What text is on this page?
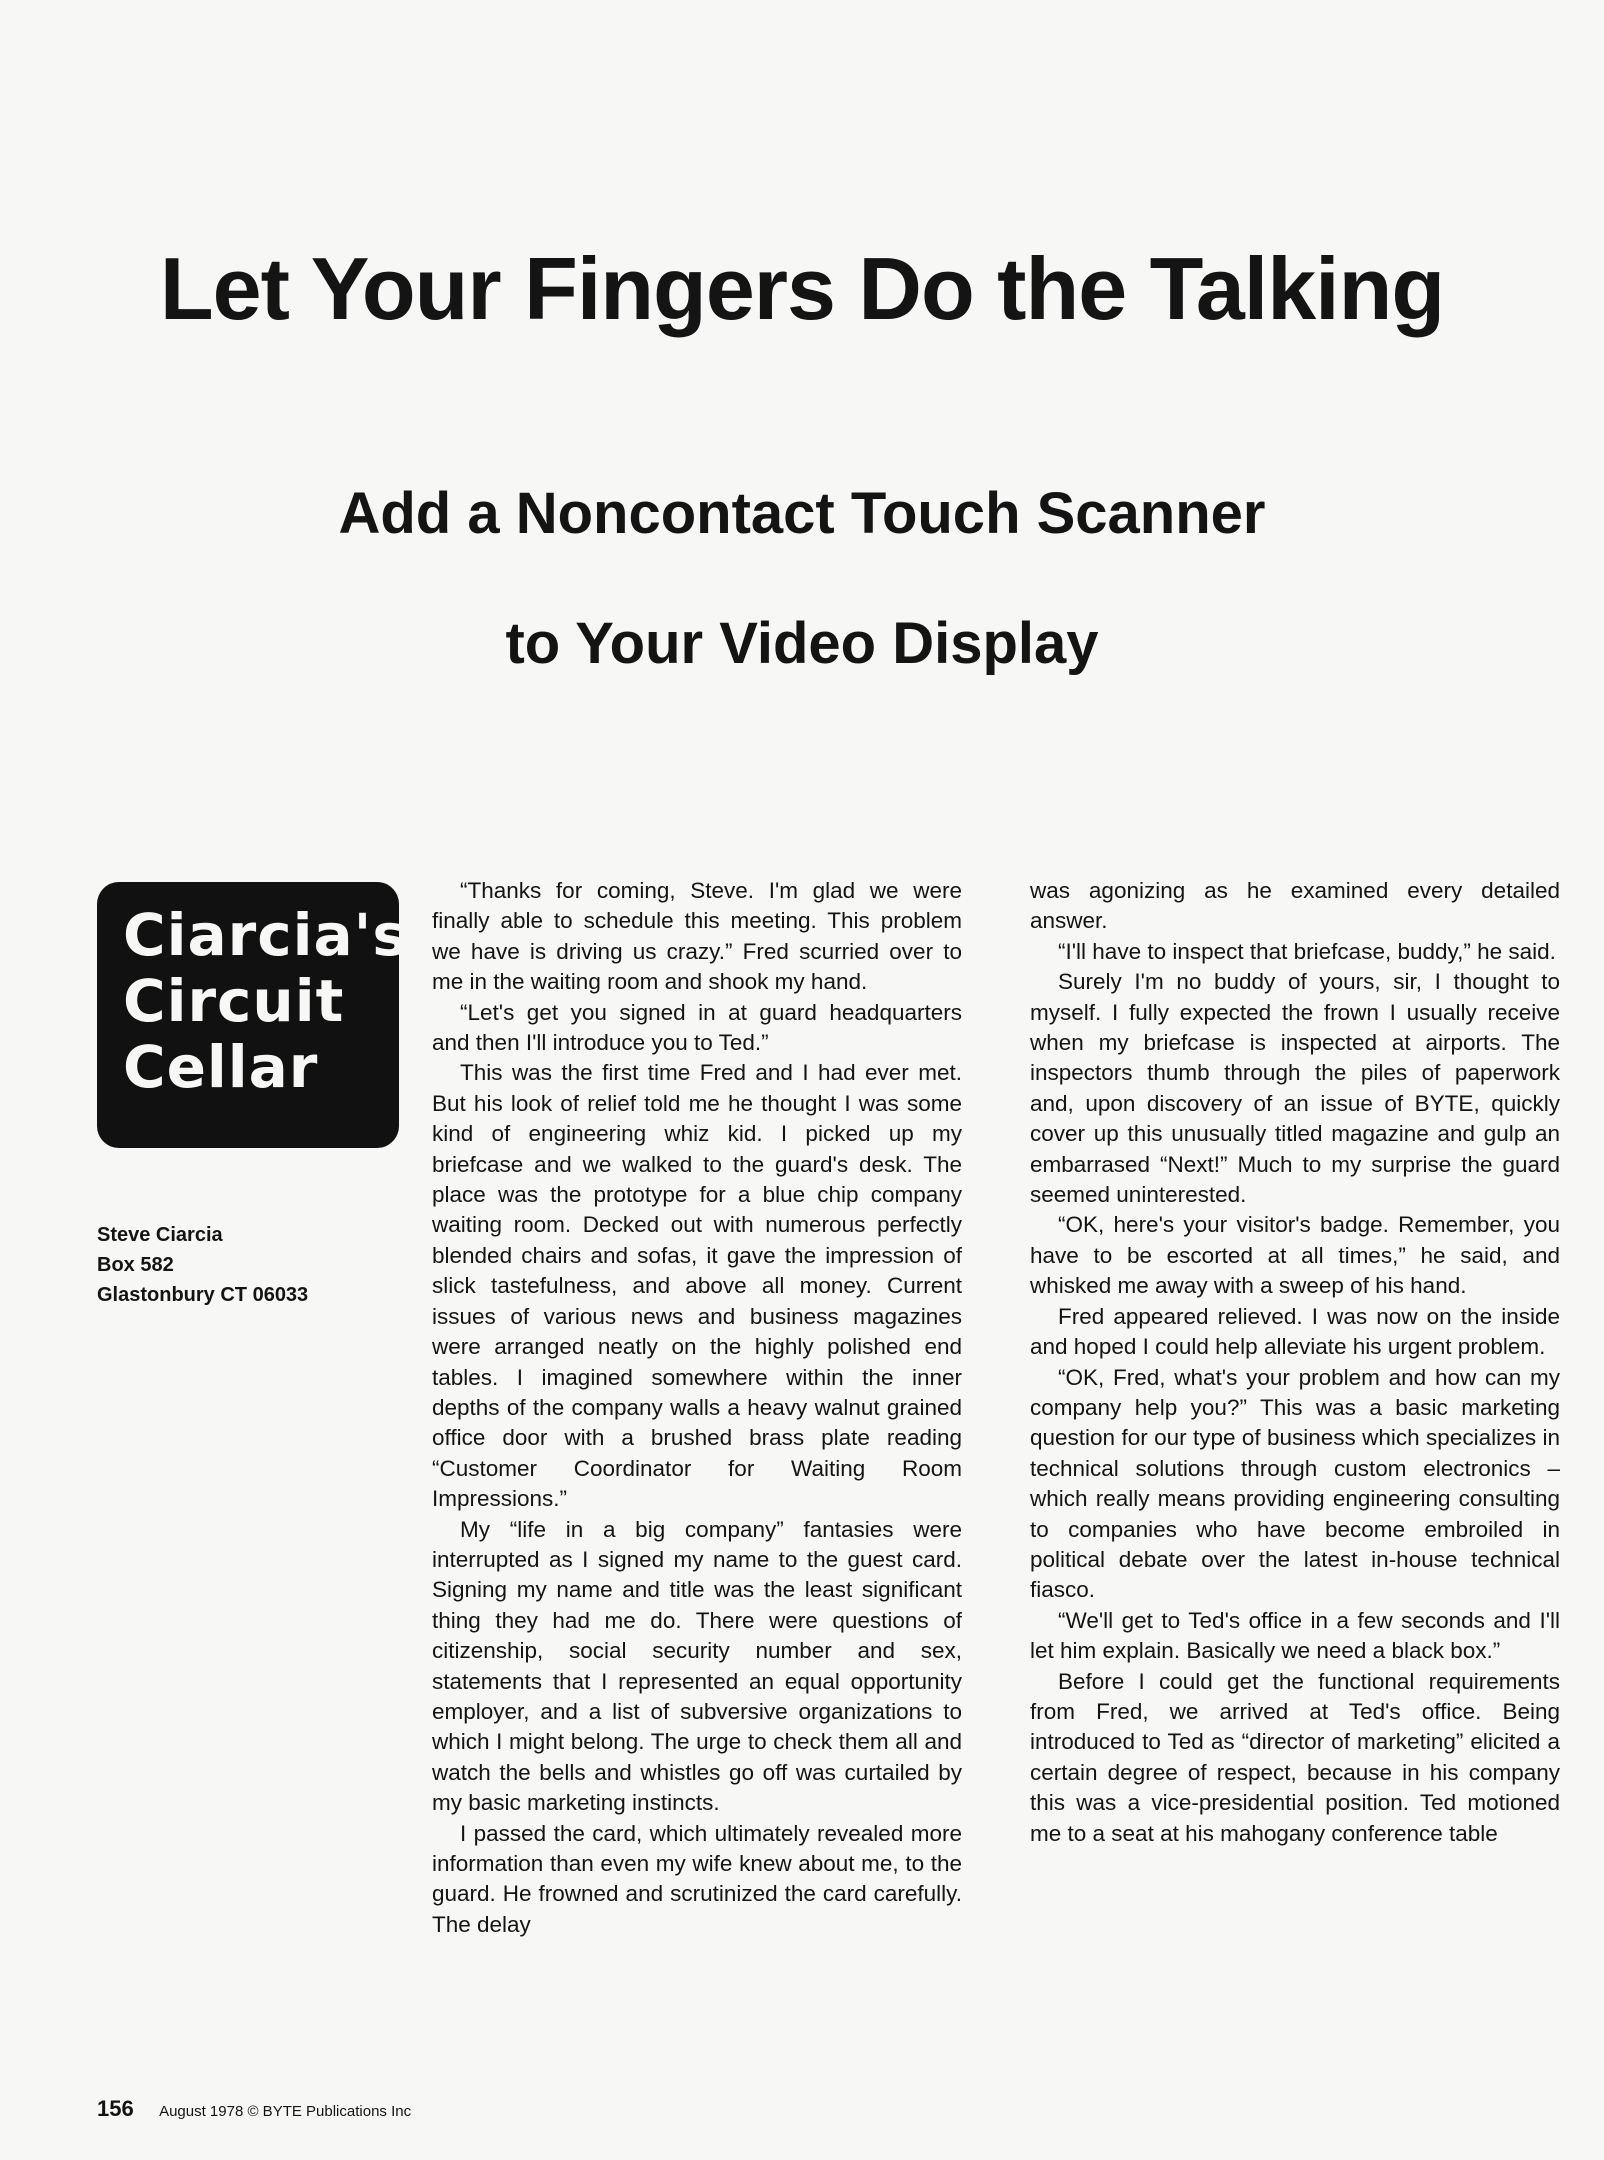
Let Your Fingers Do the Talking
Add a Noncontact Touch Scanner
to Your Video Display
Ciarcia's
Circuit
Cellar
Steve Ciarcia
Box 582
Glastonbury CT 06033

“Thanks for coming, Steve. I'm glad we were finally able to schedule this meeting. This problem we have is driving us crazy.” Fred scurried over to me in the waiting room and shook my hand.

“Let's get you signed in at guard headquarters and then I'll introduce you to Ted.”

This was the first time Fred and I had ever met. But his look of relief told me he thought I was some kind of engineering whiz kid. I picked up my briefcase and we walked to the guard's desk. The place was the prototype for a blue chip company waiting room. Decked out with numerous perfectly blended chairs and sofas, it gave the impression of slick tastefulness, and above all money. Current issues of various news and business magazines were arranged neatly on the highly polished end tables. I imagined somewhere within the inner depths of the company walls a heavy walnut grained office door with a brushed brass plate reading “Customer Coordinator for Waiting Room Impressions.”

My “life in a big company” fantasies were interrupted as I signed my name to the guest card. Signing my name and title was the least significant thing they had me do. There were questions of citizenship, social security number and sex, statements that I represented an equal opportunity employer, and a list of subversive organizations to which I might belong. The urge to check them all and watch the bells and whistles go off was curtailed by my basic marketing instincts.

I passed the card, which ultimately revealed more information than even my wife knew about me, to the guard. He frowned and scrutinized the card carefully. The delay

was agonizing as he examined every detailed answer.

“I'll have to inspect that briefcase, buddy,” he said.

Surely I'm no buddy of yours, sir, I thought to myself. I fully expected the frown I usually receive when my briefcase is inspected at airports. The inspectors thumb through the piles of paperwork and, upon discovery of an issue of BYTE, quickly cover up this unusually titled magazine and gulp an embarrased “Next!” Much to my surprise the guard seemed uninterested.

“OK, here's your visitor's badge. Remember, you have to be escorted at all times,” he said, and whisked me away with a sweep of his hand.

Fred appeared relieved. I was now on the inside and hoped I could help alleviate his urgent problem.

“OK, Fred, what's your problem and how can my company help you?” This was a basic marketing question for our type of business which specializes in technical solutions through custom electronics – which really means providing engineering consulting to companies who have become embroiled in political debate over the latest in-house technical fiasco.

“We'll get to Ted's office in a few seconds and I'll let him explain. Basically we need a black box.”

Before I could get the functional requirements from Fred, we arrived at Ted's office. Being introduced to Ted as “director of marketing” elicited a certain degree of respect, because in his company this was a vice-presidential position. Ted motioned me to a seat at his mahogany conference table

156 August 1978 © BYTE Publications Inc
